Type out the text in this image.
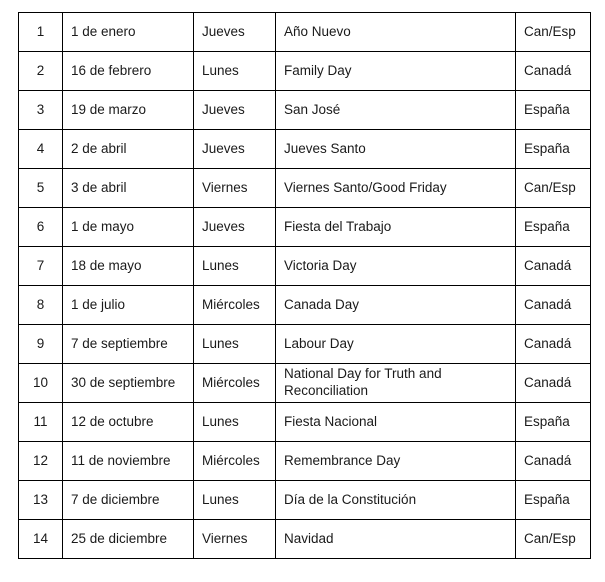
1	1 de enero	Jueves	Año Nuevo	Can/Esp
2	16 de febrero	Lunes	Family Day	Canadá
3	19 de marzo	Jueves	San José	España
4	2 de abril	Jueves	Jueves Santo	España
5	3 de abril	Viernes	Viernes Santo/Good Friday	Can/Esp
6	1 de mayo	Jueves	Fiesta del Trabajo	España
7	18 de mayo	Lunes	Victoria Day	Canadá
8	1 de julio	Miércoles	Canada Day	Canadá
9	7 de septiembre	Lunes	Labour Day	Canadá
10	30 de septiembre	Miércoles	National Day for Truth and Reconciliation	Canadá
11	12 de octubre	Lunes	Fiesta Nacional	España
12	11 de noviembre	Miércoles	Remembrance Day	Canadá
13	7 de diciembre	Lunes	Día de la Constitución	España
14	25 de diciembre	Viernes	Navidad	Can/Esp
